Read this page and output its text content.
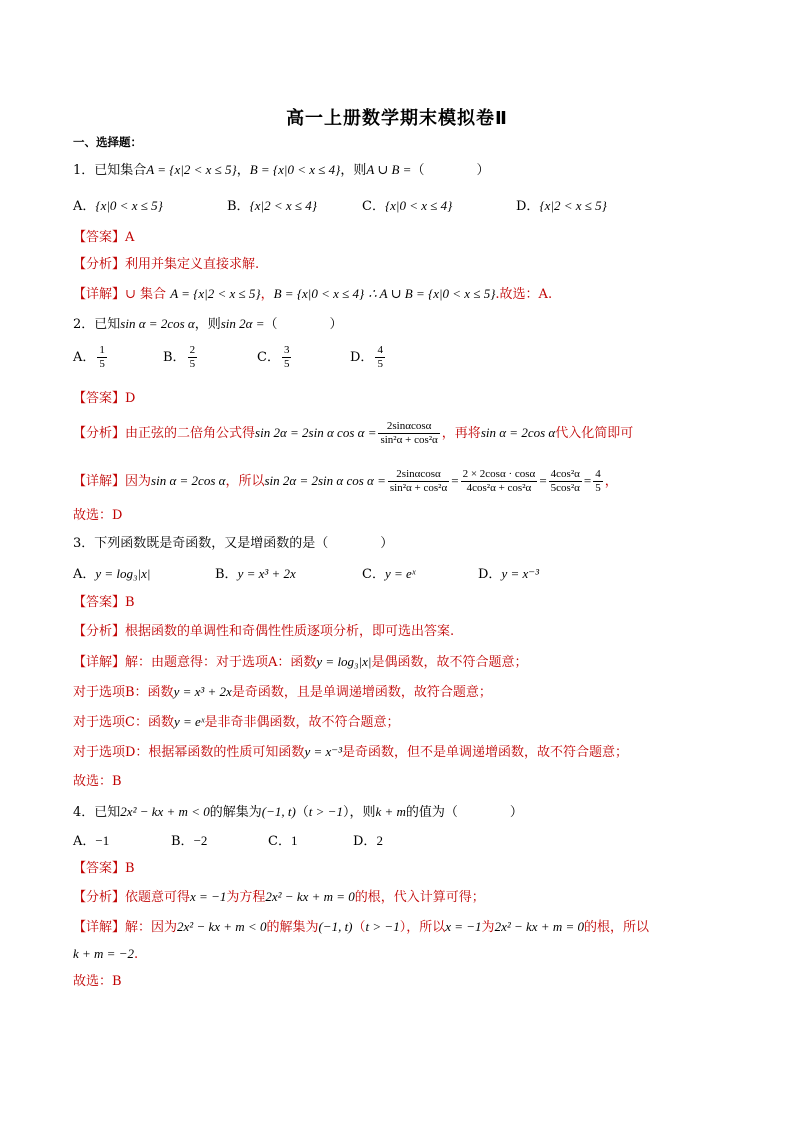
高一上册数学期末模拟卷Ⅱ
一、选择题：
1．已知集合A = {x|2 < x ≤ 5}，B = {x|0 < x ≤ 4}，则A ∪ B =（　　　　）
A．{x|0 < x ≤ 5}	B．{x|2 < x ≤ 4}	C．{x|0 < x ≤ 4}	D．{x|2 < x ≤ 5}
【答案】A
【分析】利用并集定义直接求解.
【详解】∪ 集合 A = {x|2 < x ≤ 5}，B = {x|0 < x ≤ 4} ∴ A ∪ B = {x|0 < x ≤ 5}.故选：A.
2．已知sin α = 2cos α，则sin 2α =（　　　　）
A． $\frac{1}{5}$	B． $\frac{2}{5}$	C． $\frac{3}{5}$	D． $\frac{4}{5}$
【答案】D
【分析】由正弦的二倍角公式得sin 2α = 2sin α $\cos \alpha = \frac{2\sin\alpha\cos\alpha}{\text{sin²α + cos²α}}$ ，再将sin α = 2cos α代入化简即可
【详解】因为sin α = 2cos α，所以sin 2α = 2sin α $\cos \alpha = \frac{2\sin\alpha\cos\alpha}{\text{sin²α + cos²α}} = \frac{2 \times 2\cos\alpha \cdot \cos\alpha}{\text{4cos²α + cos²α}} = \frac{\text{4cos²α}}{\text{5cos²α}} = \frac{4}{5}$ ，
故选：D
3．下列函数既是奇函数，又是增函数的是（　　　　）
A．y = log₃|x|	B．y = x³ + 2x	C．y = eˣ	D．y = x⁻³
【答案】B
【分析】根据函数的单调性和奇偶性性质逐项分析，即可选出答案.
【详解】解：由题意得：对于选项A：函数y = log₃|x|是偶函数，故不符合题意；
对于选项B：函数y = x³ + 2x是奇函数，且是单调递增函数，故符合题意；
对于选项C：函数y = eˣ是非奇非偶函数，故不符合题意；
对于选项D：根据幂函数的性质可知函数y = x⁻³是奇函数，但不是单调递增函数，故不符合题意；
故选：B
4．已知2x² − kx + m < 0的解集为(−1, t)（t > −1），则k + m的值为（　　　　）
A．−1	B．−2	C．1	D．2
【答案】B
【分析】依题意可得x = −1为方程2x² − kx + m = 0的根，代入计算可得；
【详解】解：因为2x² − kx + m < 0的解集为(−1, t)（t > −1），所以x = −1为2x² − kx + m = 0的根，所以
k + m = −2.
故选：B
